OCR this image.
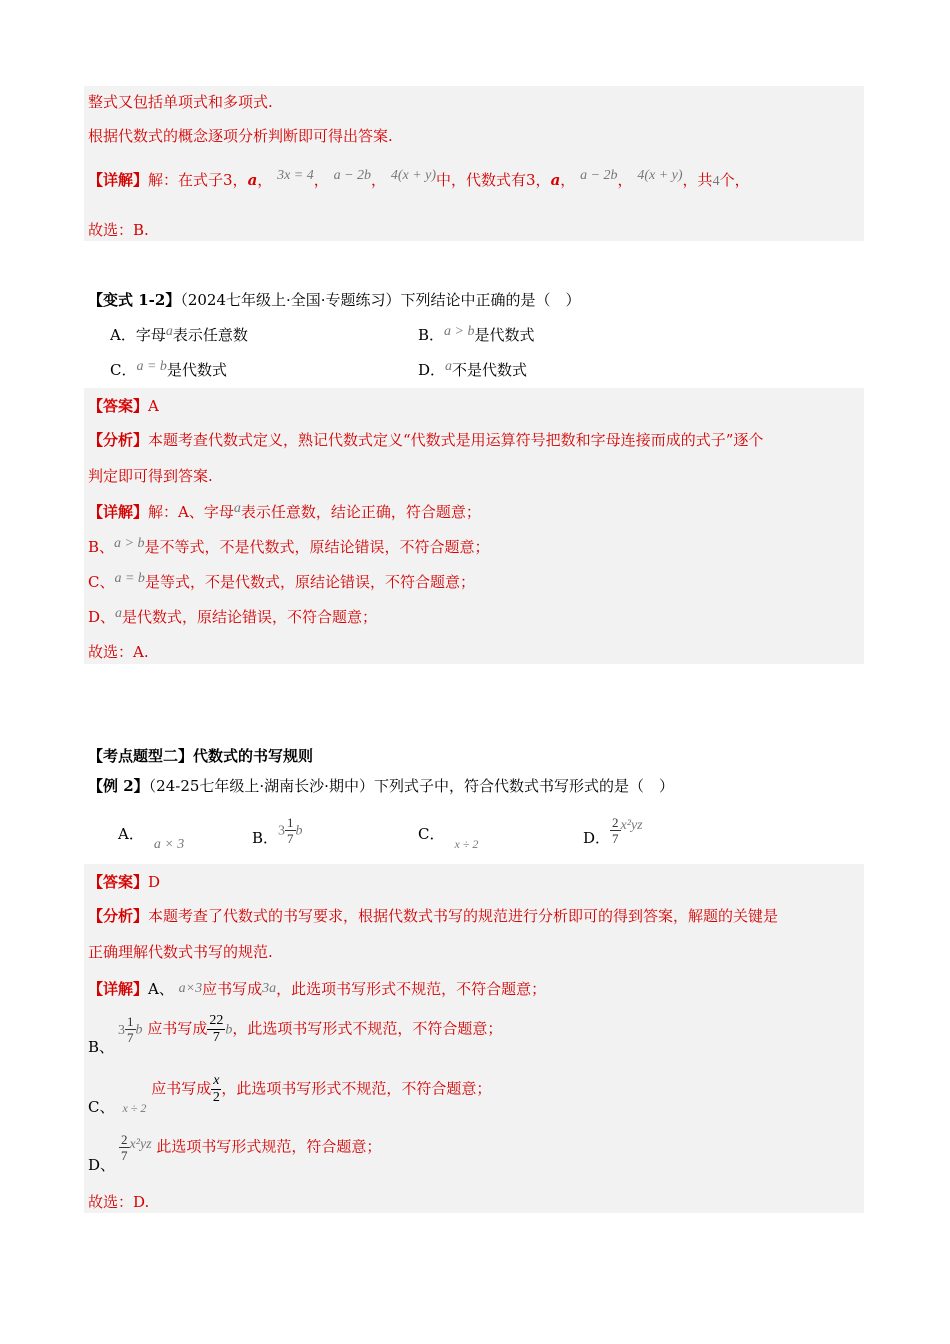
整式又包括单项式和多项式.
根据代数式的概念逐项分析判断即可得出答案.
【详解】解：在式子3，a， 3x = 4， a − 2b， 4(x + y)中，代数式有3，a， a − 2b， 4(x + y)，共4个，
故选：B.
【变式 1-2】（2024七年级上·全国·专题练习）下列结论中正确的是（　）
A．字母a表示任意数	B．a > b是代数式
C．a = b是代数式	D．a不是代数式
【答案】A
【分析】本题考查代数式定义，熟记代数式定义“代数式是用运算符号把数和字母连接而成的式子”逐个
判定即可得到答案.
【详解】解：A、字母a表示任意数，结论正确，符合题意；
B、a > b是不等式，不是代数式，原结论错误，不符合题意；
C、a = b是等式，不是代数式，原结论错误，不符合题意；
D、a是代数式，原结论错误，不符合题意；
故选：A.
【考点题型二】代数式的书写规则
【例 2】（24-25七年级上·湖南长沙·期中）下列式子中，符合代数式书写形式的是（　）
A．a × 3	B．$3 \frac{1}{7}$ b	C．$_{x \div 2}$	D． $\frac{2}{7} x^2yz$
【答案】D
【分析】本题考查了代数式的书写要求，根据代数式书写的规范进行分析即可的得到答案，解题的关键是
正确理解代数式书写的规范.
【详解】A、 a×3应书写成3a，此选项书写形式不规范，不符合题意；
B、$3 \frac{1}{7}$ b 应书写成 $\frac{22}{7}$ b，此选项书写形式不规范，不符合题意；
C、 $_{x \div 2}$ 应书写成 $\frac{x}{2}$ ，此选项书写形式不规范，不符合题意；
D、
$\frac{2}{7} x^2yz$ 此选项书写形式规范，符合题意；
故选：D.
